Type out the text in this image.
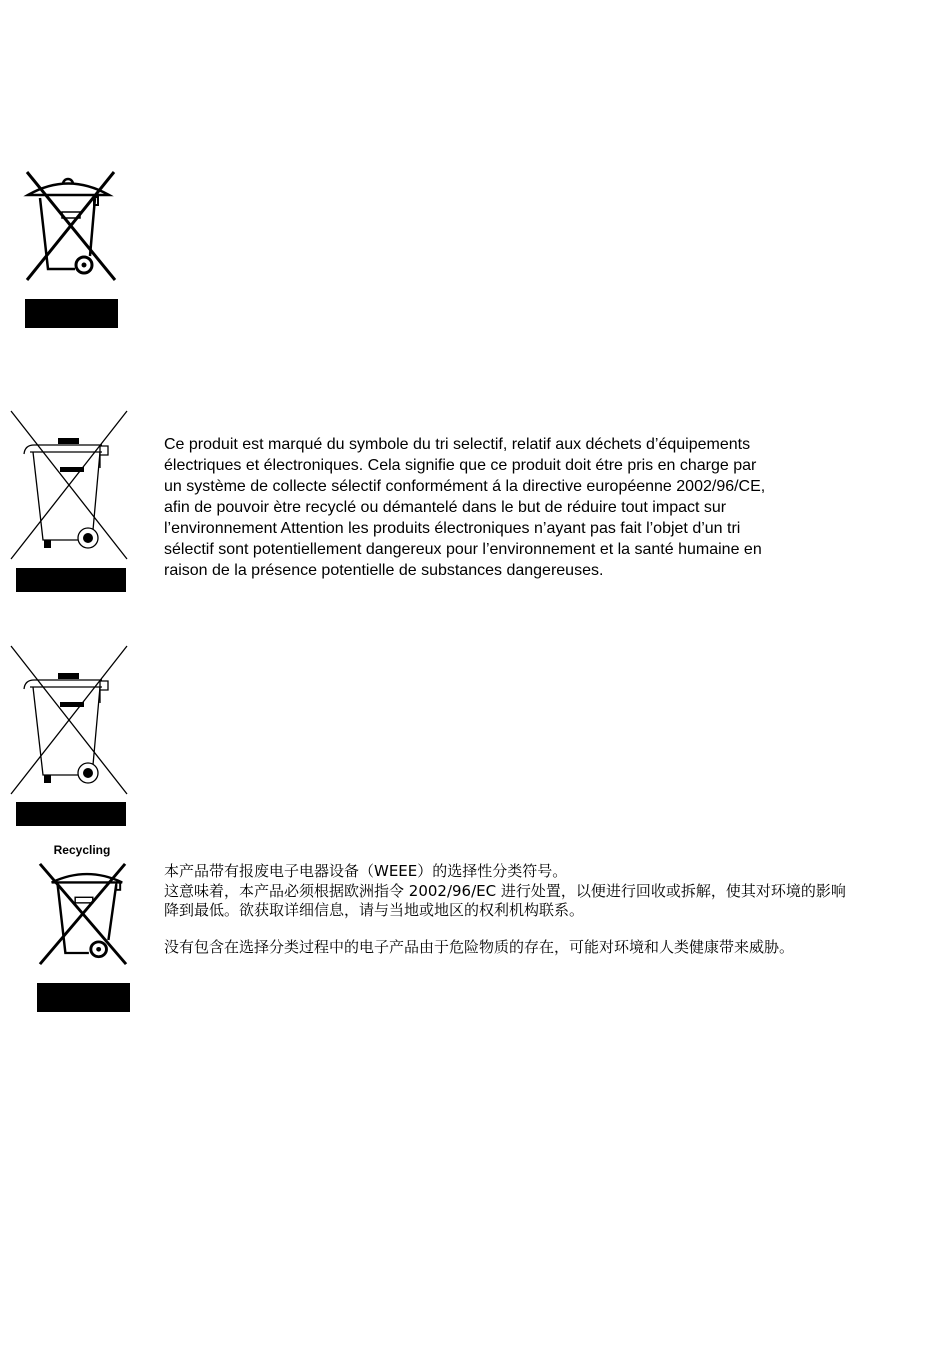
Ce produit est marqué du symbole du tri selectif, relatif aux déchets d’équipements
électriques et électroniques. Cela signifie que ce produit doit étre pris en charge par
un système de collecte sélectif conformément á la directive européenne 2002/96/CE,
afin de pouvoir ètre recyclé ou démantelé dans le but de réduire tout impact sur
l’environnement Attention les produits électroniques n’ayant pas fait l’objet d’un tri
sélectif sont potentiellement dangereux pour l’environnement et la santé humaine en
raison de la présence potentielle de substances dangereuses.
Recycling
本产品带有报废电子电器设备（WEEE）的选择性分类符号。
这意味着，本产品必须根据欧洲指令 2002/96/EC 进行处置，以便进行回收或拆解，使其对环境的影响
降到最低。欲获取详细信息，请与当地或地区的权利机构联系。
没有包含在选择分类过程中的电子产品由于危险物质的存在，可能对环境和人类健康带来威胁。
